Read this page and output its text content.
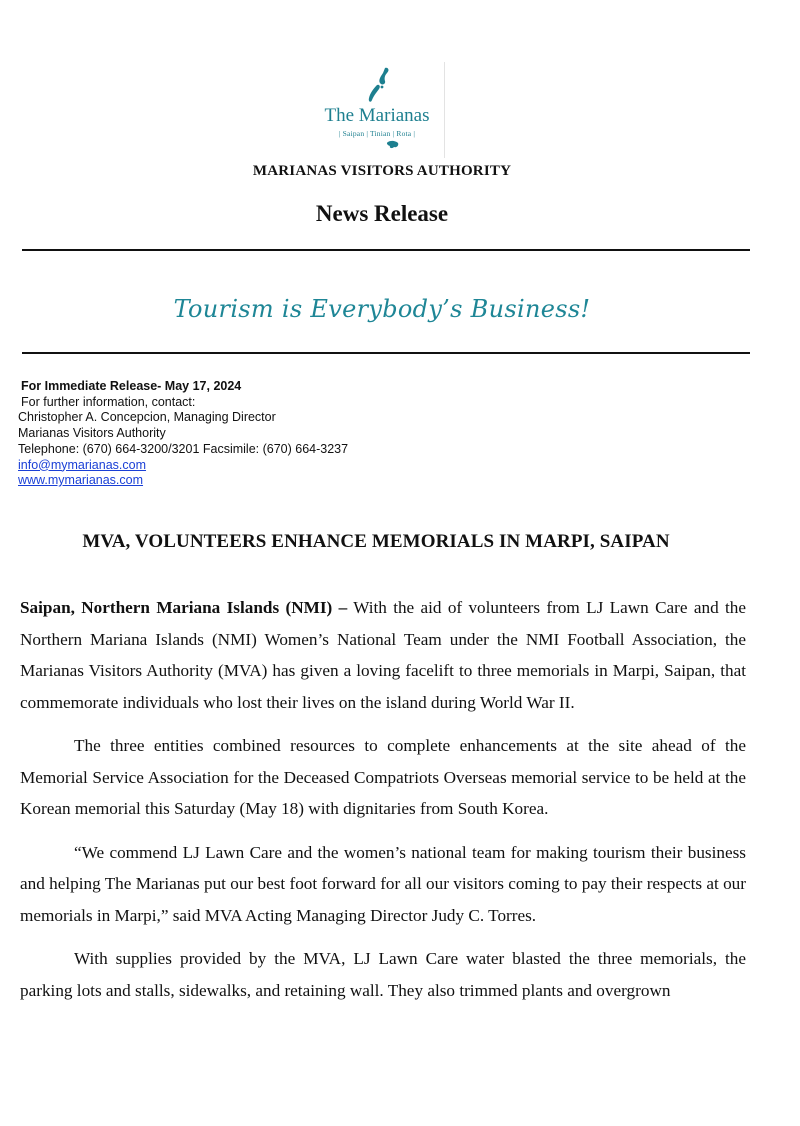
The Marianas
| Saipan | Tinian | Rota |
MARIANAS VISITORS AUTHORITY
News Release
Tourism is Everybody’s Business!
For Immediate Release- May 17, 2024
For further information, contact:
Christopher A. Concepcion, Managing Director
Marianas Visitors Authority
Telephone: (670) 664-3200/3201 Facsimile: (670) 664-3237
info@mymarianas.com
www.mymarianas.com
MVA, VOLUNTEERS ENHANCE MEMORIALS IN MARPI, SAIPAN

Saipan, Northern Mariana Islands (NMI) – With the aid of volunteers from LJ Lawn Care and the Northern Mariana Islands (NMI) Women’s National Team under the NMI Football Association, the Marianas Visitors Authority (MVA) has given a loving facelift to three memorials in Marpi, Saipan, that commemorate individuals who lost their lives on the island during World War II.

The three entities combined resources to complete enhancements at the site ahead of the Memorial Service Association for the Deceased Compatriots Overseas memorial service to be held at the Korean memorial this Saturday (May 18) with dignitaries from South Korea.

“We commend LJ Lawn Care and the women’s national team for making tourism their business and helping The Marianas put our best foot forward for all our visitors coming to pay their respects at our memorials in Marpi,” said MVA Acting Managing Director Judy C. Torres.

With supplies provided by the MVA, LJ Lawn Care water blasted the three memorials, the parking lots and stalls, sidewalks, and retaining wall. They also trimmed plants and overgrown
